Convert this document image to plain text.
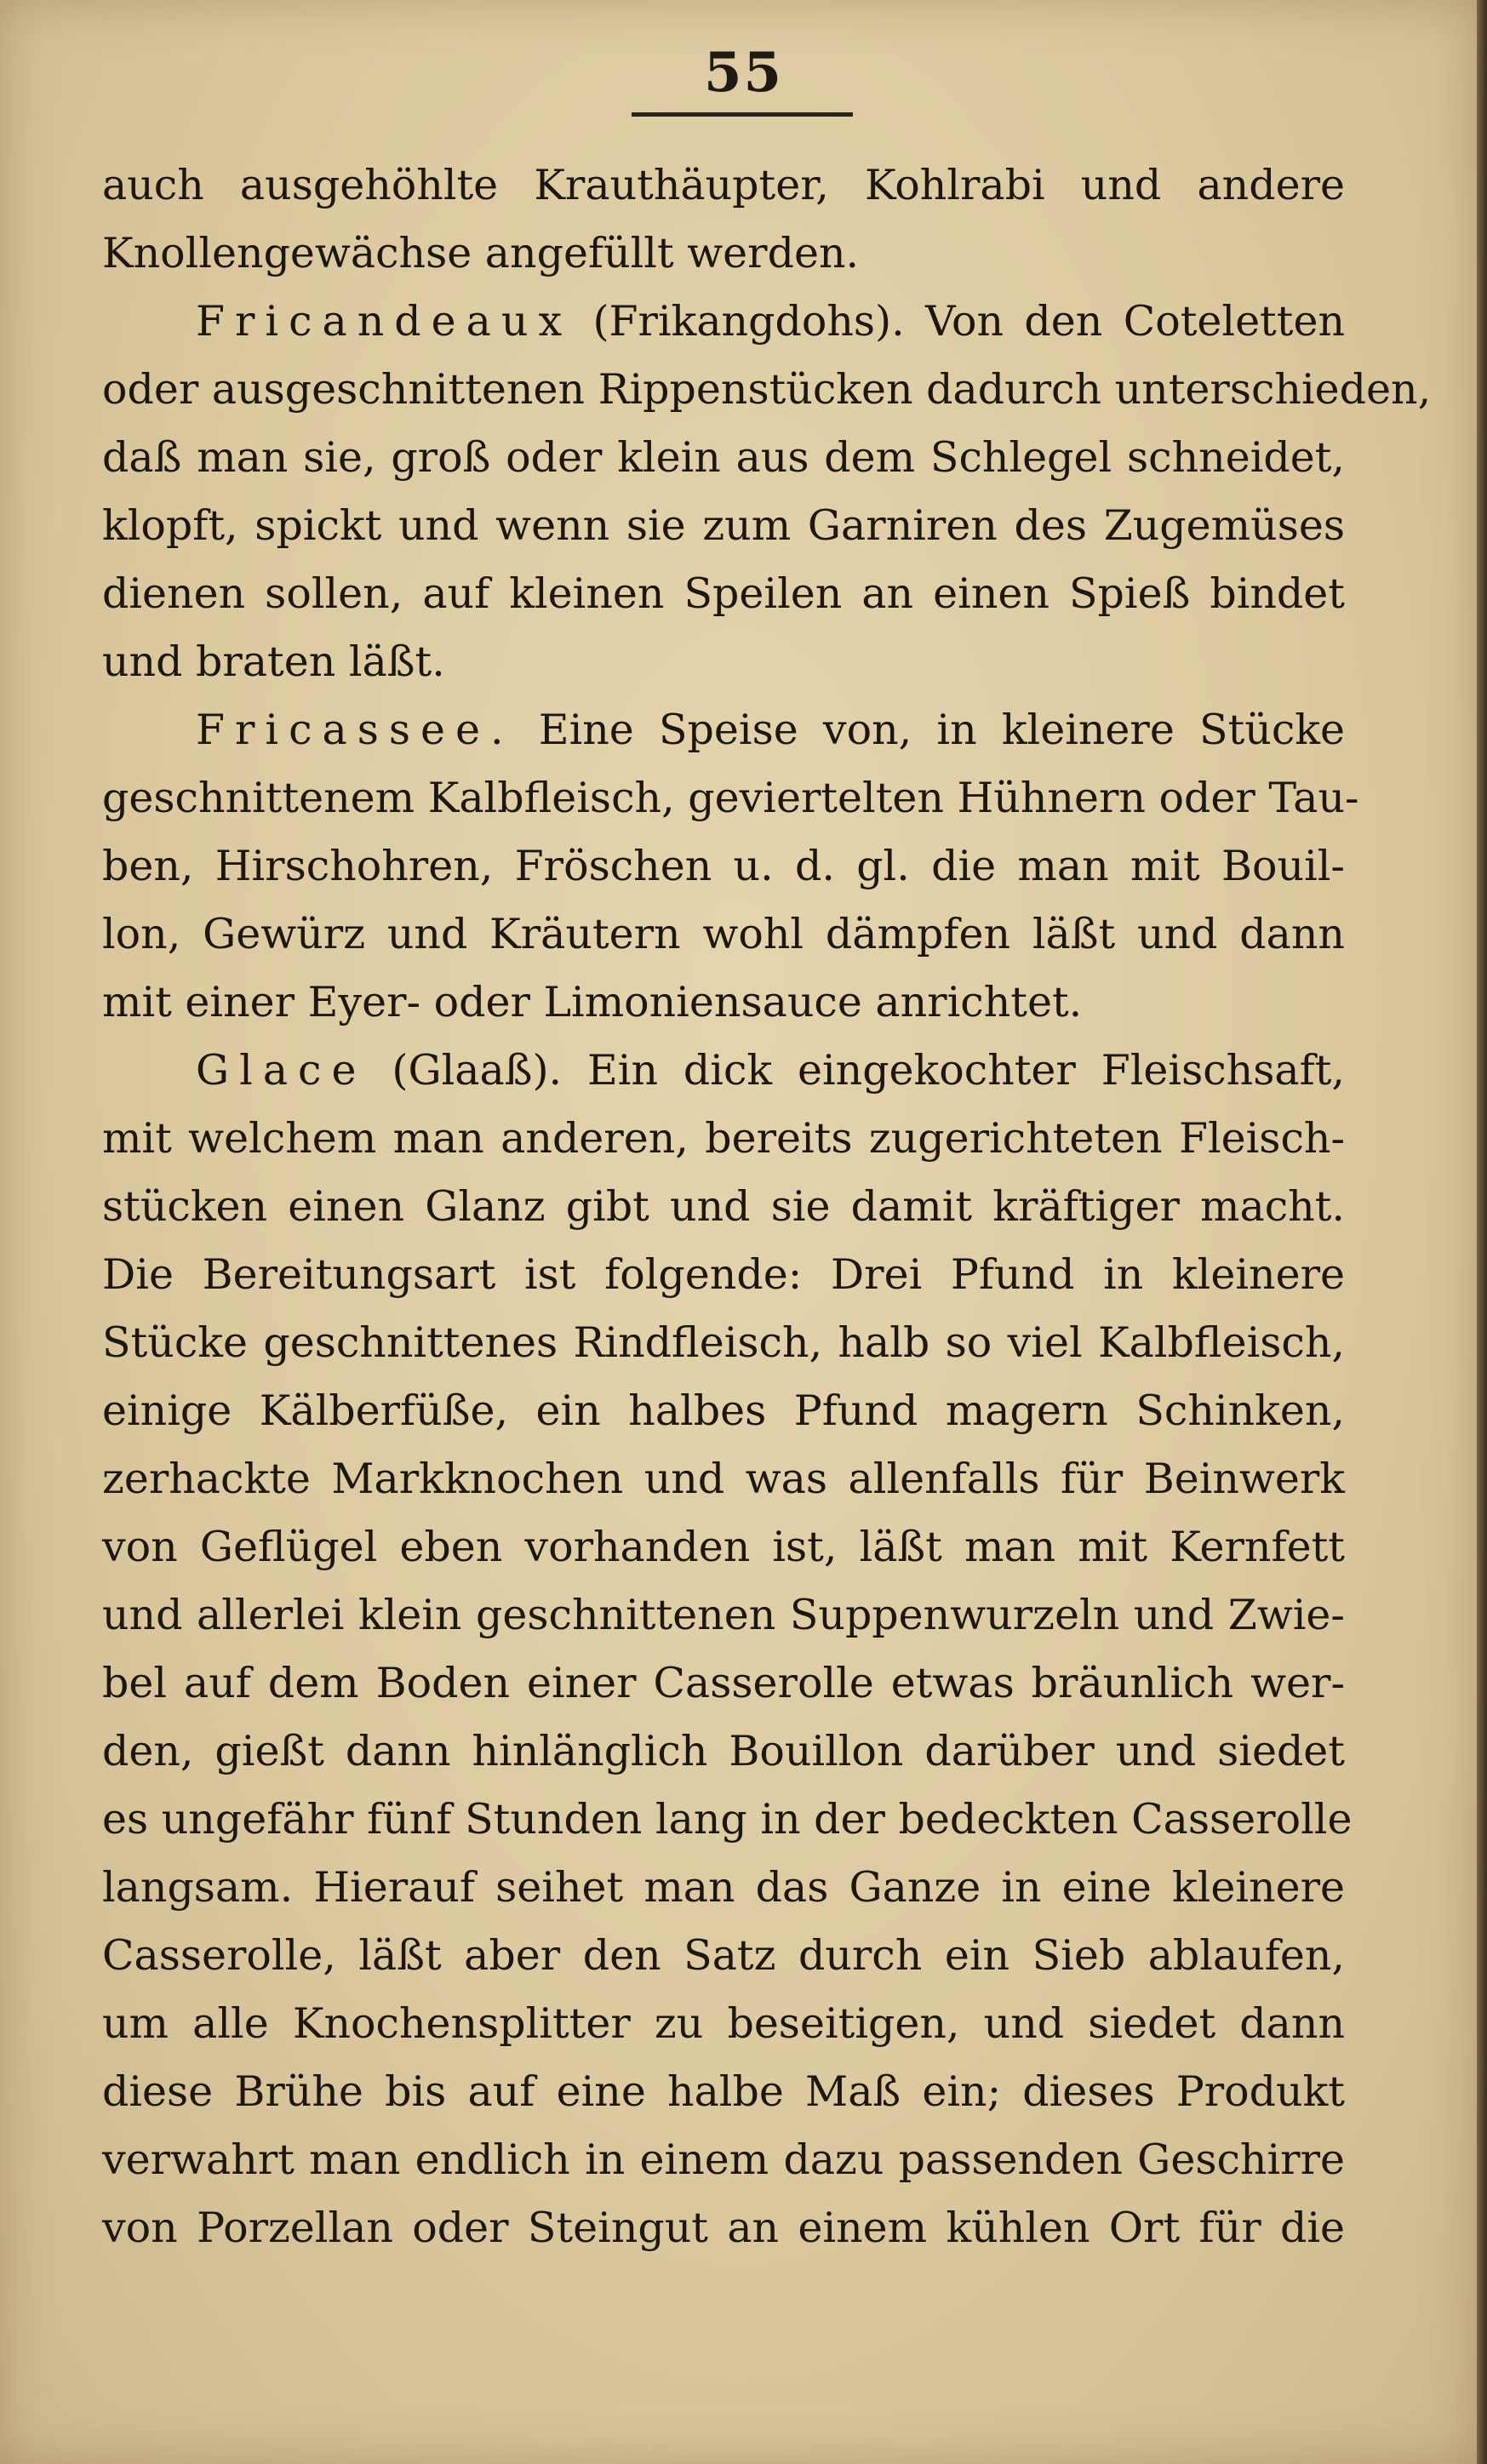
55
auch ausgehöhlte Krauthäupter, Kohlrabi und andere
Knollengewächse angefüllt werden.
Fricandeaux (Frikangdohs). Von den Coteletten
oder ausgeschnittenen Rippenstücken dadurch unterschieden,
daß man sie, groß oder klein aus dem Schlegel schneidet,
klopft, spickt und wenn sie zum Garniren des Zugemüses
dienen sollen, auf kleinen Speilen an einen Spieß bindet
und braten läßt.
Fricassee. Eine Speise von, in kleinere Stücke
geschnittenem Kalbfleisch, geviertelten Hühnern oder Tau-
ben, Hirschohren, Fröschen u. d. gl. die man mit Bouil-
lon, Gewürz und Kräutern wohl dämpfen läßt und dann
mit einer Eyer- oder Limoniensauce anrichtet.
Glace (Glaaß). Ein dick eingekochter Fleischsaft,
mit welchem man anderen, bereits zugerichteten Fleisch-
stücken einen Glanz gibt und sie damit kräftiger macht.
Die Bereitungsart ist folgende: Drei Pfund in kleinere
Stücke geschnittenes Rindfleisch, halb so viel Kalbfleisch,
einige Kälberfüße, ein halbes Pfund magern Schinken,
zerhackte Markknochen und was allenfalls für Beinwerk
von Geflügel eben vorhanden ist, läßt man mit Kernfett
und allerlei klein geschnittenen Suppenwurzeln und Zwie-
bel auf dem Boden einer Casserolle etwas bräunlich wer-
den, gießt dann hinlänglich Bouillon darüber und siedet
es ungefähr fünf Stunden lang in der bedeckten Casserolle
langsam. Hierauf seihet man das Ganze in eine kleinere
Casserolle, läßt aber den Satz durch ein Sieb ablaufen,
um alle Knochensplitter zu beseitigen, und siedet dann
diese Brühe bis auf eine halbe Maß ein; dieses Produkt
verwahrt man endlich in einem dazu passenden Geschirre
von Porzellan oder Steingut an einem kühlen Ort für die
